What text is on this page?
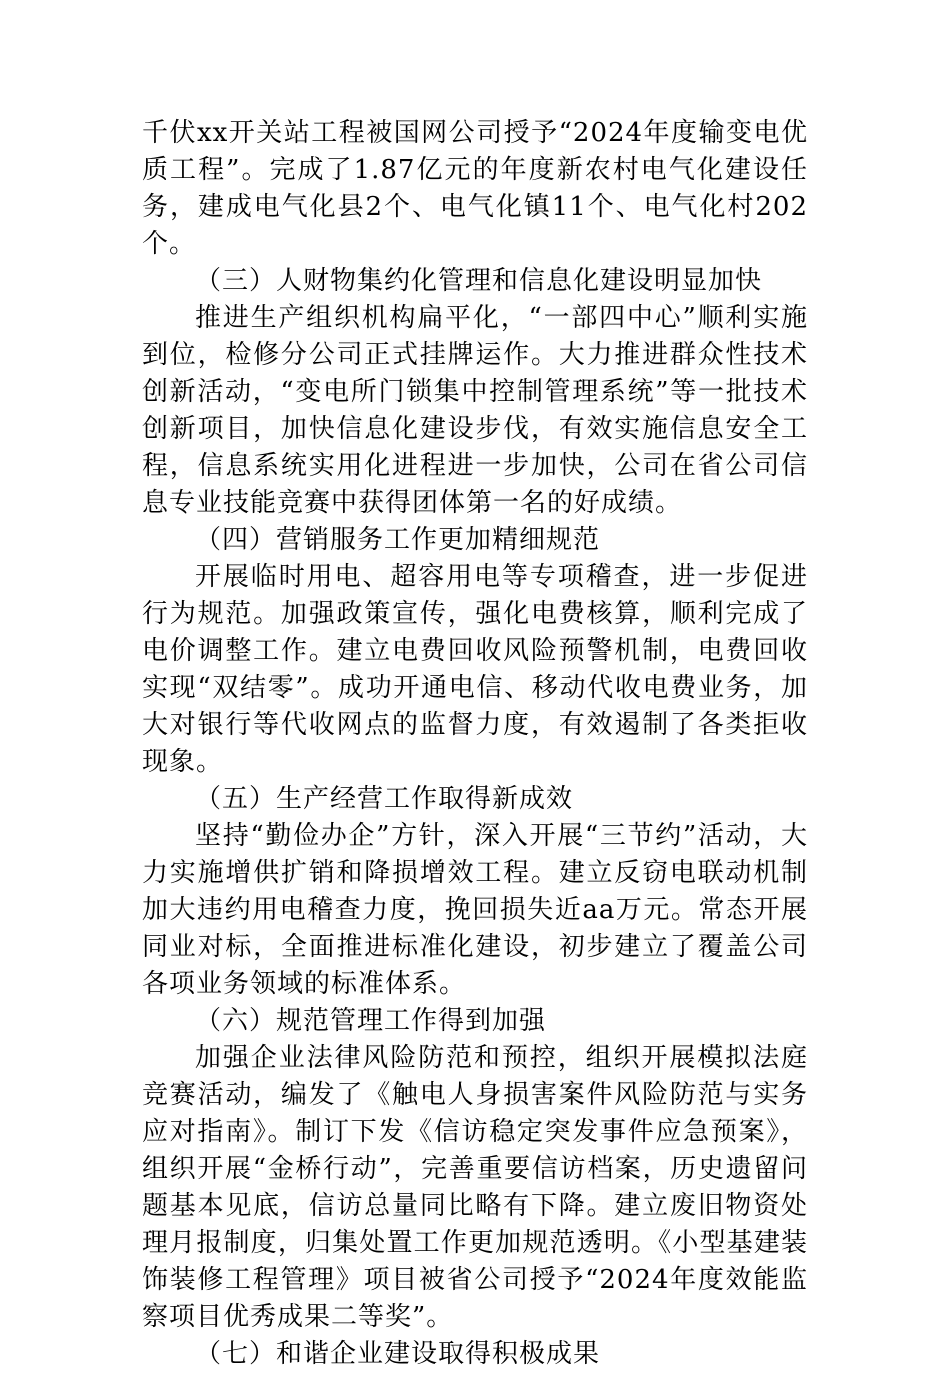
千伏xx开关站工程被国网公司授予“2024年度输变电优质工程”。完成了1.87亿元的年度新农村电气化建设任务，建成电气化县2个、电气化镇11个、电气化村202个。

（三）人财物集约化管理和信息化建设明显加快

推进生产组织机构扁平化，“一部四中心”顺利实施到位，检修分公司正式挂牌运作。大力推进群众性技术创新活动，“变电所门锁集中控制管理系统”等一批技术创新项目，加快信息化建设步伐，有效实施信息安全工程，信息系统实用化进程进一步加快，公司在省公司信息专业技能竞赛中获得团体第一名的好成绩。

（四）营销服务工作更加精细规范

开展临时用电、超容用电等专项稽查，进一步促进行为规范。加强政策宣传，强化电费核算，顺利完成了电价调整工作。建立电费回收风险预警机制，电费回收实现“双结零”。成功开通电信、移动代收电费业务，加大对银行等代收网点的监督力度，有效遏制了各类拒收现象。

（五）生产经营工作取得新成效

坚持“勤俭办企”方针，深入开展“三节约”活动，大力实施增供扩销和降损增效工程。建立反窃电联动机制加大违约用电稽查力度，挽回损失近aa万元。常态开展同业对标，全面推进标准化建设，初步建立了覆盖公司各项业务领域的标准体系。

（六）规范管理工作得到加强

加强企业法律风险防范和预控，组织开展模拟法庭竞赛活动，编发了《触电人身损害案件风险防范与实务应对指南》。制订下发《信访稳定突发事件应急预案》，组织开展“金桥行动”，完善重要信访档案，历史遗留问题基本见底，信访总量同比略有下降。建立废旧物资处理月报制度，归集处置工作更加规范透明。《小型基建装饰装修工程管理》项目被省公司授予“2024年度效能监察项目优秀成果二等奖”。

（七）和谐企业建设取得积极成果
